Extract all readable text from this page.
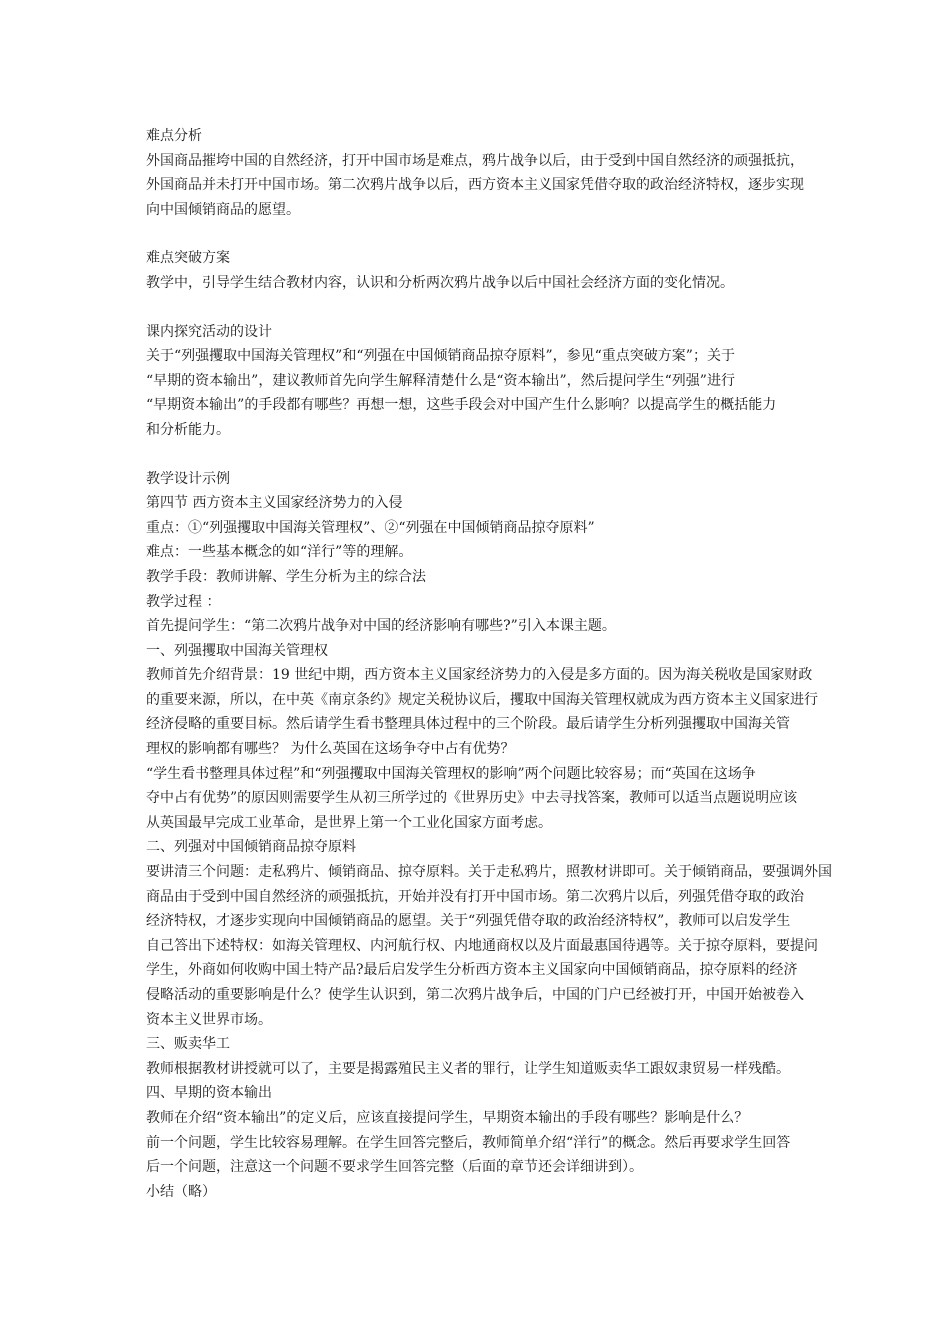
难点分析
外国商品摧垮中国的自然经济，打开中国市场是难点，鸦片战争以后，由于受到中国自然经济的顽强抵抗，
外国商品并未打开中国市场。第二次鸦片战争以后，西方资本主义国家凭借夺取的政治经济特权，逐步实现
向中国倾销商品的愿望。
难点突破方案
教学中，引导学生结合教材内容，认识和分析两次鸦片战争以后中国社会经济方面的变化情况。
课内探究活动的设计
关于“列强攫取中国海关管理权”和“列强在中国倾销商品掠夺原料”，参见“重点突破方案”；关于
“早期的资本输出”，建议教师首先向学生解释清楚什么是“资本输出”，然后提问学生“列强”进行
“早期资本输出”的手段都有哪些？再想一想，这些手段会对中国产生什么影响？以提高学生的概括能力
和分析能力。
教学设计示例
第四节 西方资本主义国家经济势力的入侵
重点：①“列强攫取中国海关管理权”、②“列强在中国倾销商品掠夺原料”
难点：一些基本概念的如“洋行”等的理解。
教学手段：教师讲解、学生分析为主的综合法
教学过程 ：
首先提问学生：“第二次鸦片战争对中国的经济影响有哪些?”引入本课主题。
一、列强攫取中国海关管理权
教师首先介绍背景：19 世纪中期，西方资本主义国家经济势力的入侵是多方面的。因为海关税收是国家财政
的重要来源，所以，在中英《南京条约》规定关税协议后，攫取中国海关管理权就成为西方资本主义国家进行
经济侵略的重要目标。然后请学生看书整理具体过程中的三个阶段。最后请学生分析列强攫取中国海关管
理权的影响都有哪些？ 为什么英国在这场争夺中占有优势？
“学生看书整理具体过程”和“列强攫取中国海关管理权的影响”两个问题比较容易；而“英国在这场争
夺中占有优势”的原因则需要学生从初三所学过的《世界历史》中去寻找答案，教师可以适当点题说明应该
从英国最早完成工业革命，是世界上第一个工业化国家方面考虑。
二、列强对中国倾销商品掠夺原料
要讲清三个问题：走私鸦片、倾销商品、掠夺原料。关于走私鸦片，照教材讲即可。关于倾销商品，要强调外国
商品由于受到中国自然经济的顽强抵抗，开始并没有打开中国市场。第二次鸦片以后，列强凭借夺取的政治
经济特权，才逐步实现向中国倾销商品的愿望。关于“列强凭借夺取的政治经济特权”，教师可以启发学生
自己答出下述特权：如海关管理权、内河航行权、内地通商权以及片面最惠国待遇等。关于掠夺原料，要提问
学生，外商如何收购中国土特产品?最后启发学生分析西方资本主义国家向中国倾销商品，掠夺原料的经济
侵略活动的重要影响是什么？使学生认识到，第二次鸦片战争后，中国的门户已经被打开，中国开始被卷入
资本主义世界市场。
三、贩卖华工
教师根据教材讲授就可以了，主要是揭露殖民主义者的罪行，让学生知道贩卖华工跟奴隶贸易一样残酷。
四、早期的资本输出
教师在介绍“资本输出”的定义后，应该直接提问学生，早期资本输出的手段有哪些？影响是什么？
前一个问题，学生比较容易理解。在学生回答完整后，教师简单介绍“洋行”的概念。然后再要求学生回答
后一个问题，注意这一个问题不要求学生回答完整（后面的章节还会详细讲到）。
小结（略）
